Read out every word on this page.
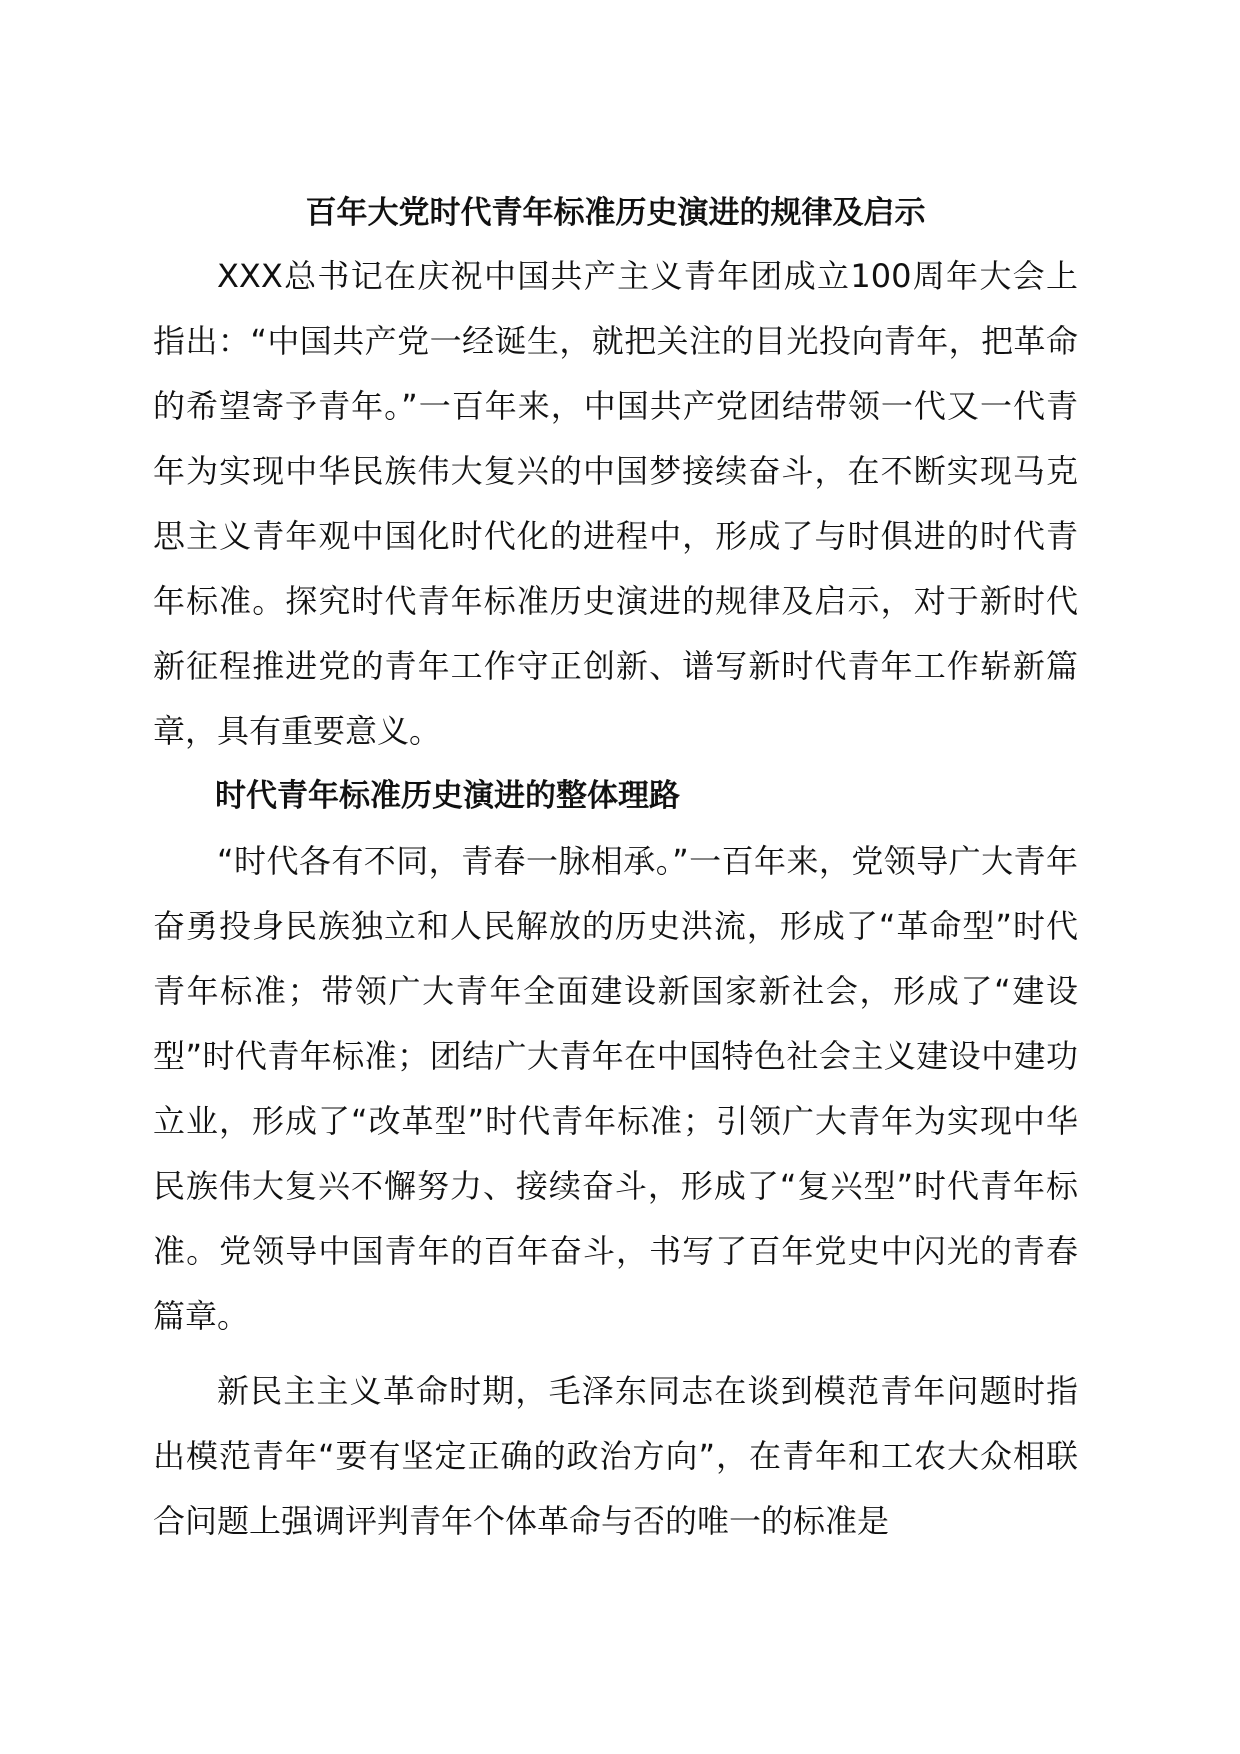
百年大党时代青年标准历史演进的规律及启示

XXX总书记在庆祝中国共产主义青年团成立100周年大会上指出：“中国共产党一经诞生，就把关注的目光投向青年，把革命的希望寄予青年。”一百年来，中国共产党团结带领一代又一代青年为实现中华民族伟大复兴的中国梦接续奋斗，在不断实现马克思主义青年观中国化时代化的进程中，形成了与时俱进的时代青年标准。探究时代青年标准历史演进的规律及启示，对于新时代新征程推进党的青年工作守正创新、谱写新时代青年工作崭新篇章，具有重要意义。

时代青年标准历史演进的整体理路

“时代各有不同，青春一脉相承。”一百年来，党领导广大青年奋勇投身民族独立和人民解放的历史洪流，形成了“革命型”时代青年标准；带领广大青年全面建设新国家新社会，形成了“建设型”时代青年标准；团结广大青年在中国特色社会主义建设中建功立业，形成了“改革型”时代青年标准；引领广大青年为实现中华民族伟大复兴不懈努力、接续奋斗，形成了“复兴型”时代青年标准。党领导中国青年的百年奋斗，书写了百年党史中闪光的青春篇章。

新民主主义革命时期，毛泽东同志在谈到模范青年问题时指出模范青年“要有坚定正确的政治方向”，在青年和工农大众相联合问题上强调评判青年个体革命与否的唯一的标准是
